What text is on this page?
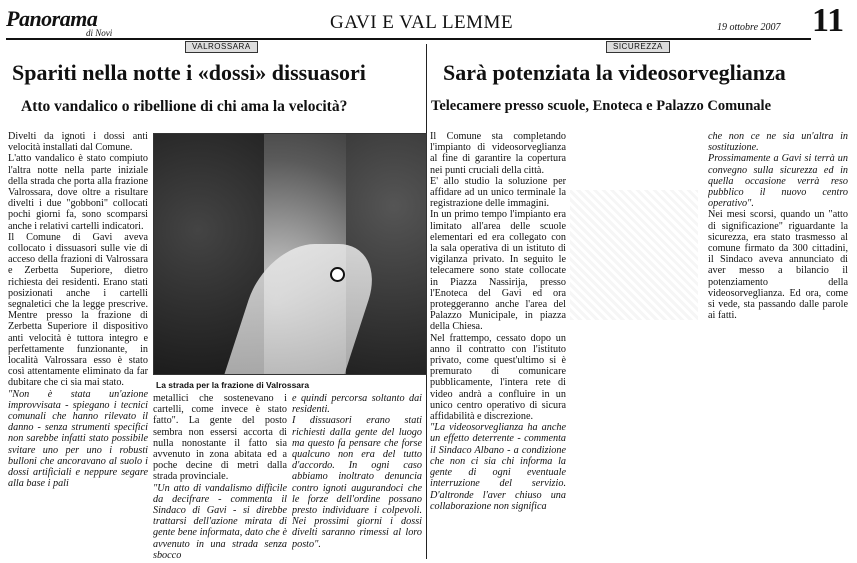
Panorama
di Novi	GAVI E VAL LEMME	19 ottobre 2007 11
VALROSSARA	SICUREZZA
Spariti nella notte i «dossi» dissuasori
Atto vandalico o ribellione di chi ama la velocità?
Sarà potenziata la videosorveglianza
Telecamere presso scuole, Enoteca e Palazzo Comunale

Divelti da ignoti i dossi anti velocità installati dal Comune.

L'atto vandalico è stato compiuto l'altra notte nella parte iniziale della strada che porta alla frazione Valrossara, dove oltre a risultare divelti i due "gobboni" collocati pochi giorni fa, sono scomparsi anche i relativi cartelli indicatori.

Il Comune di Gavi aveva collocato i dissuasori sulle vie di acceso della frazioni di Valrossara e Zerbetta Superiore, dietro richiesta dei residenti. Erano stati posizionati anche i cartelli segnaletici che la legge prescrive. Mentre presso la frazione di Zerbetta Superiore il dispositivo anti velocità è tuttora integro e perfettamente funzionante, in località Valrossara esso è stato così attentamente eliminato da far dubitare che ci sia mai stato.

"Non è stata un'azione improvvisata - spiegano i tecnici comunali che hanno rilevato il danno - senza strumenti specifici non sarebbe infatti stato possibile svitare uno per uno i robusti bulloni che ancoravano al suolo i dossi artificiali e neppure segare alla base i pali

La strada per la frazione di Valrossara

metallici che sostenevano i cartelli, come invece è stato fatto". La gente del posto sembra non essersi accorta di nulla nonostante il fatto sia avvenuto in zona abitata ed a poche decine di metri dalla strada provinciale.

"Un atto di vandalismo difficile da decifrare - commenta il Sindaco di Gavi - si direbbe trattarsi dell'azione mirata di gente bene informata, dato che è avvenuto in una strada senza sbocco

e quindi percorsa soltanto dai residenti.

I dissuasori erano stati richiesti dalla gente del luogo ma questo fa pensare che forse qualcuno non era del tutto d'accordo. In ogni caso abbiamo inoltrato denuncia contro ignoti augurandoci che le forze dell'ordine possano presto individuare i colpevoli. Nei prossimi giorni i dossi divelti saranno rimessi al loro posto".

Il Comune sta completando l'impianto di videosorveglianza al fine di garantire la copertura nei punti cruciali della città.

E' allo studio la soluzione per affidare ad un unico terminale la registrazione delle immagini.

In un primo tempo l'impianto era limitato all'area delle scuole elementari ed era collegato con la sala operativa di un istituto di vigilanza privato. In seguito le telecamere sono state collocate in Piazza Nassirija, presso l'Enoteca del Gavi ed ora proteggeranno anche l'area del Palazzo Municipale, in piazza della Chiesa.

Nel frattempo, cessato dopo un anno il contratto con l'istituto privato, come quest'ultimo si è premurato di comunicare pubblicamente, l'intera rete di video andrà a confluire in un unico centro operativo di sicura affidabilità e discrezione.

"La videosorveglianza ha anche un effetto deterrente - commenta il Sindaco Albano - a condizione che non ci sia chi informa la gente di ogni eventuale interruzione del servizio. D'altronde l'aver chiuso una collaborazione non significa

che non ce ne sia un'altra in sostituzione.

Prossimamente a Gavi si terrà un convegno sulla sicurezza ed in quella occasione verrà reso pubblico il nuovo centro operativo".

Nei mesi scorsi, quando un "atto di significazione" riguardante la sicurezza, era stato trasmesso al comune firmato da 300 cittadini, il Sindaco aveva annunciato di aver messo a bilancio il potenziamento della videosorveglianza. Ed ora, come si vede, sta passando dalle parole ai fatti.
